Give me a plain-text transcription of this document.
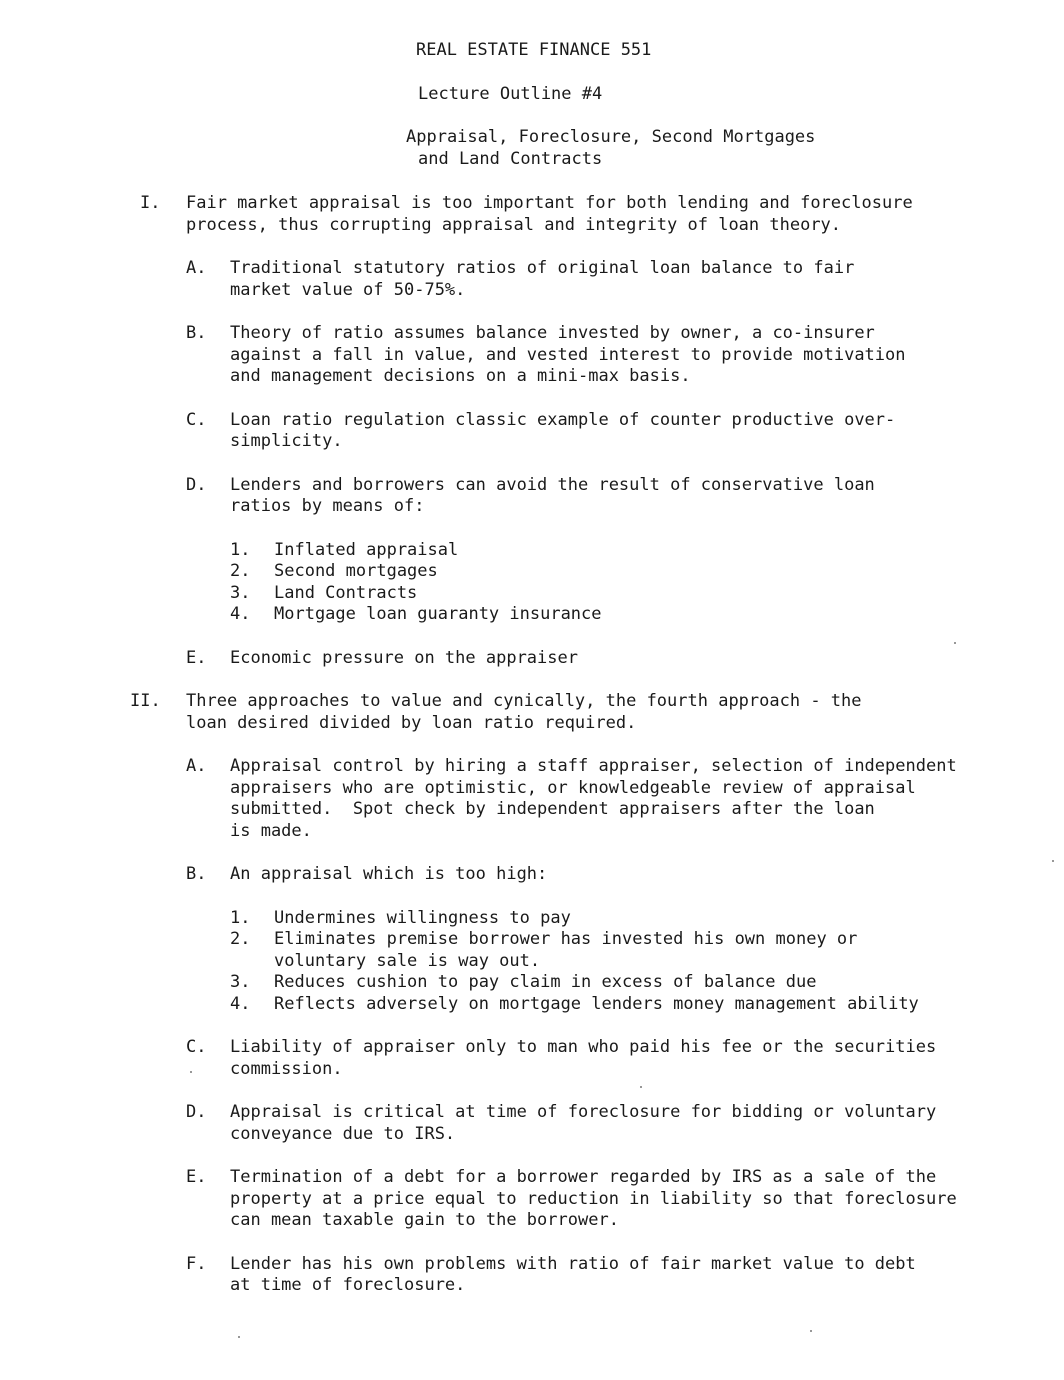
REAL ESTATE FINANCE 551
Lecture Outline #4
Appraisal, Foreclosure, Second Mortgages
and Land Contracts
I. Fair market appraisal is too important for both lending and foreclosure
process, thus corrupting appraisal and integrity of loan theory.
A. Traditional statutory ratios of original loan balance to fair
market value of 50-75%.
B. Theory of ratio assumes balance invested by owner, a co-insurer
against a fall in value, and vested interest to provide motivation
and management decisions on a mini-max basis.
C. Loan ratio regulation classic example of counter productive over-
simplicity.
D. Lenders and borrowers can avoid the result of conservative loan
ratios by means of:
1. Inflated appraisal
2. Second mortgages
3. Land Contracts
4. Mortgage loan guaranty insurance
E. Economic pressure on the appraiser
II. Three approaches to value and cynically, the fourth approach - the
loan desired divided by loan ratio required.
A. Appraisal control by hiring a staff appraiser, selection of independent
appraisers who are optimistic, or knowledgeable review of appraisal
submitted.  Spot check by independent appraisers after the loan
is made.
B. An appraisal which is too high:
1. Undermines willingness to pay
2. Eliminates premise borrower has invested his own money or
voluntary sale is way out.
3. Reduces cushion to pay claim in excess of balance due
4. Reflects adversely on mortgage lenders money management ability
C. Liability of appraiser only to man who paid his fee or the securities
commission.
D. Appraisal is critical at time of foreclosure for bidding or voluntary
conveyance due to IRS.
E. Termination of a debt for a borrower regarded by IRS as a sale of the
property at a price equal to reduction in liability so that foreclosure
can mean taxable gain to the borrower.
F. Lender has his own problems with ratio of fair market value to debt
at time of foreclosure.
